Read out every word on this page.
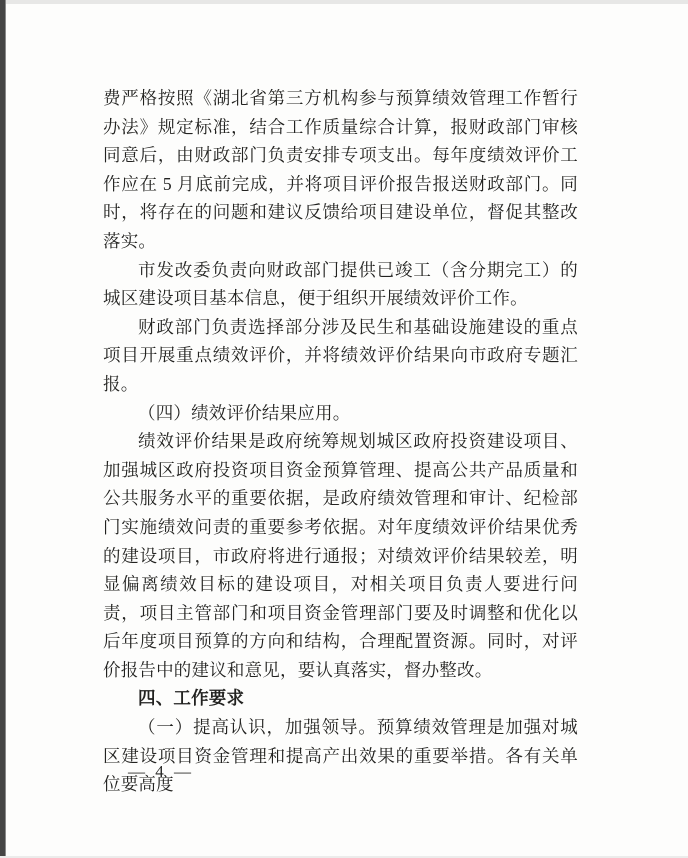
费严格按照《湖北省第三方机构参与预算绩效管理工作暂行办法》规定标准，结合工作质量综合计算，报财政部门审核同意后，由财政部门负责安排专项支出。每年度绩效评价工作应在 5 月底前完成，并将项目评价报告报送财政部门。同时，将存在的问题和建议反馈给项目建设单位，督促其整改落实。

市发改委负责向财政部门提供已竣工（含分期完工）的城区建设项目基本信息，便于组织开展绩效评价工作。

财政部门负责选择部分涉及民生和基础设施建设的重点项目开展重点绩效评价，并将绩效评价结果向市政府专题汇报。

（四）绩效评价结果应用。

绩效评价结果是政府统筹规划城区政府投资建设项目、加强城区政府投资项目资金预算管理、提高公共产品质量和公共服务水平的重要依据，是政府绩效管理和审计、纪检部门实施绩效问责的重要参考依据。对年度绩效评价结果优秀的建设项目，市政府将进行通报；对绩效评价结果较差，明显偏离绩效目标的建设项目，对相关项目负责人要进行问责，项目主管部门和项目资金管理部门要及时调整和优化以后年度项目预算的方向和结构，合理配置资源。同时，对评价报告中的建议和意见，要认真落实，督办整改。

四、工作要求

（一）提高认识，加强领导。预算绩效管理是加强对城区建设项目资金管理和提高产出效果的重要举措。各有关单位要高度

— 4 —
